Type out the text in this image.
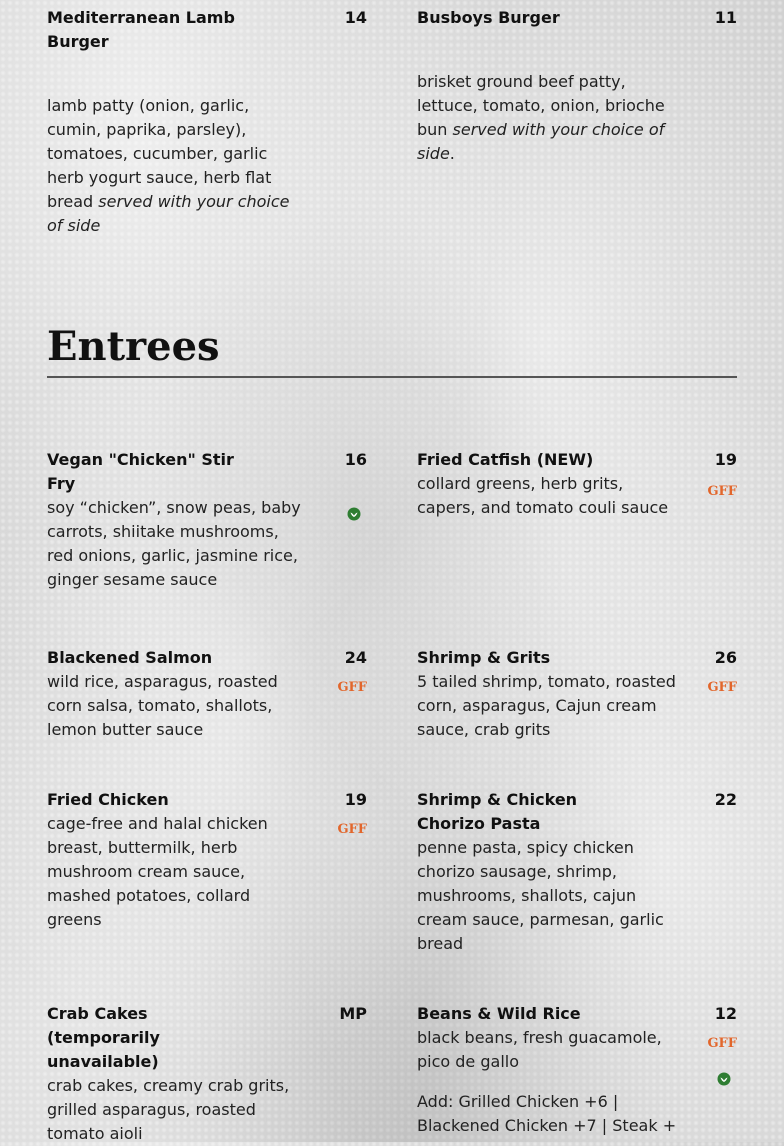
Mediterranean Lamb Burger
14
lamb patty (onion, garlic, cumin, paprika, parsley), tomatoes, cucumber, garlic herb yogurt sauce, herb flat bread served with your choice of side
Busboys Burger	11
brisket ground beef patty, lettuce, tomato, onion, brioche bun served with your choice of side.
Entrees
Vegan "Chicken" Stir Fry
16
soy “chicken”, snow peas, baby carrots, shiitake mushrooms, red onions, garlic, jasmine rice, ginger sesame sauce
Fried Catfish (NEW)	19
collard greens, herb grits, capers, and tomato couli sauce
GFF
Blackened Salmon	24
wild rice, asparagus, roasted corn salsa, tomato, shallots, lemon butter sauce
GFF
Shrimp & Grits	26
5 tailed shrimp, tomato, roasted corn, asparagus, Cajun cream sauce, crab grits
GFF
Fried Chicken	19
cage-free and halal chicken breast, buttermilk, herb mushroom cream sauce, mashed potatoes, collard greens
GFF
Shrimp & Chicken Chorizo Pasta
22
penne pasta, spicy chicken chorizo sausage, shrimp, mushrooms, shallots, cajun cream sauce, parmesan, garlic bread
Crab Cakes (temporarily unavailable)
MP
crab cakes, creamy crab grits, grilled asparagus, roasted tomato aioli
Beans & Wild Rice	12
black beans, fresh guacamole, pico de gallo
Add: Grilled Chicken +6 | Blackened Chicken +7 | Steak +
GFF
